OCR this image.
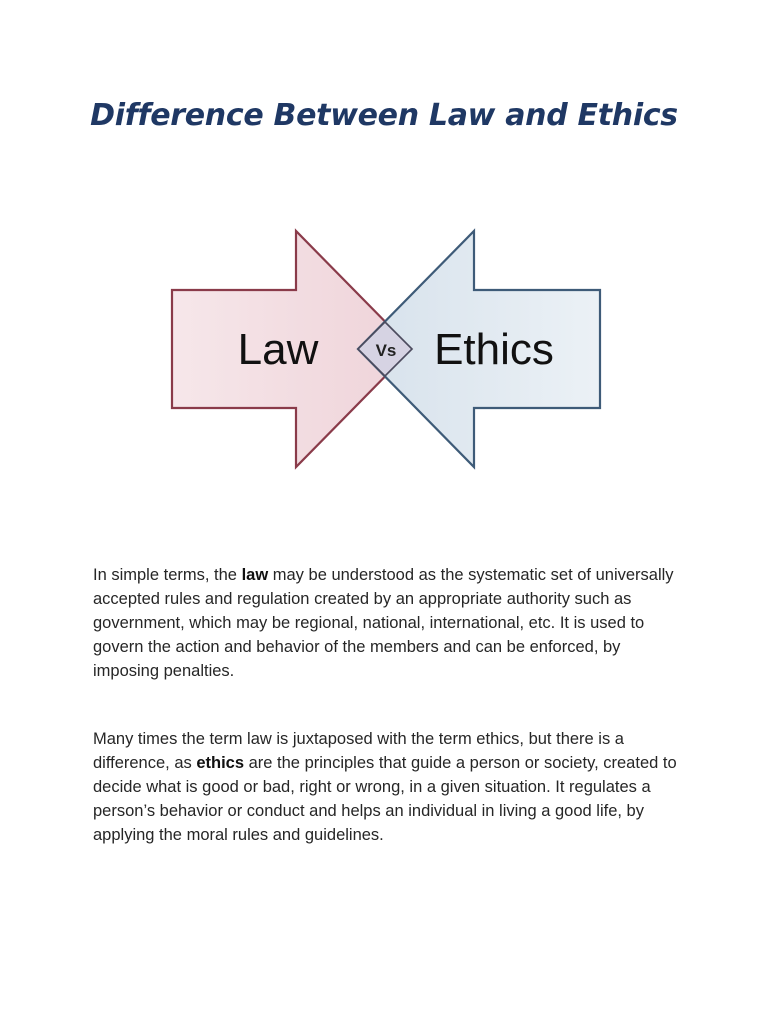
Difference Between Law and Ethics
Law	Vs Ethics

In simple terms, the law may be understood as the systematic set of universally accepted rules and regulation created by an appropriate authority such as government, which may be regional, national, international, etc. It is used to govern the action and behavior of the members and can be enforced, by imposing penalties.

Many times the term law is juxtaposed with the term ethics, but there is a difference, as ethics are the principles that guide a person or society, created to decide what is good or bad, right or wrong, in a given situation. It regulates a person’s behavior or conduct and helps an individual in living a good life, by applying the moral rules and guidelines.
